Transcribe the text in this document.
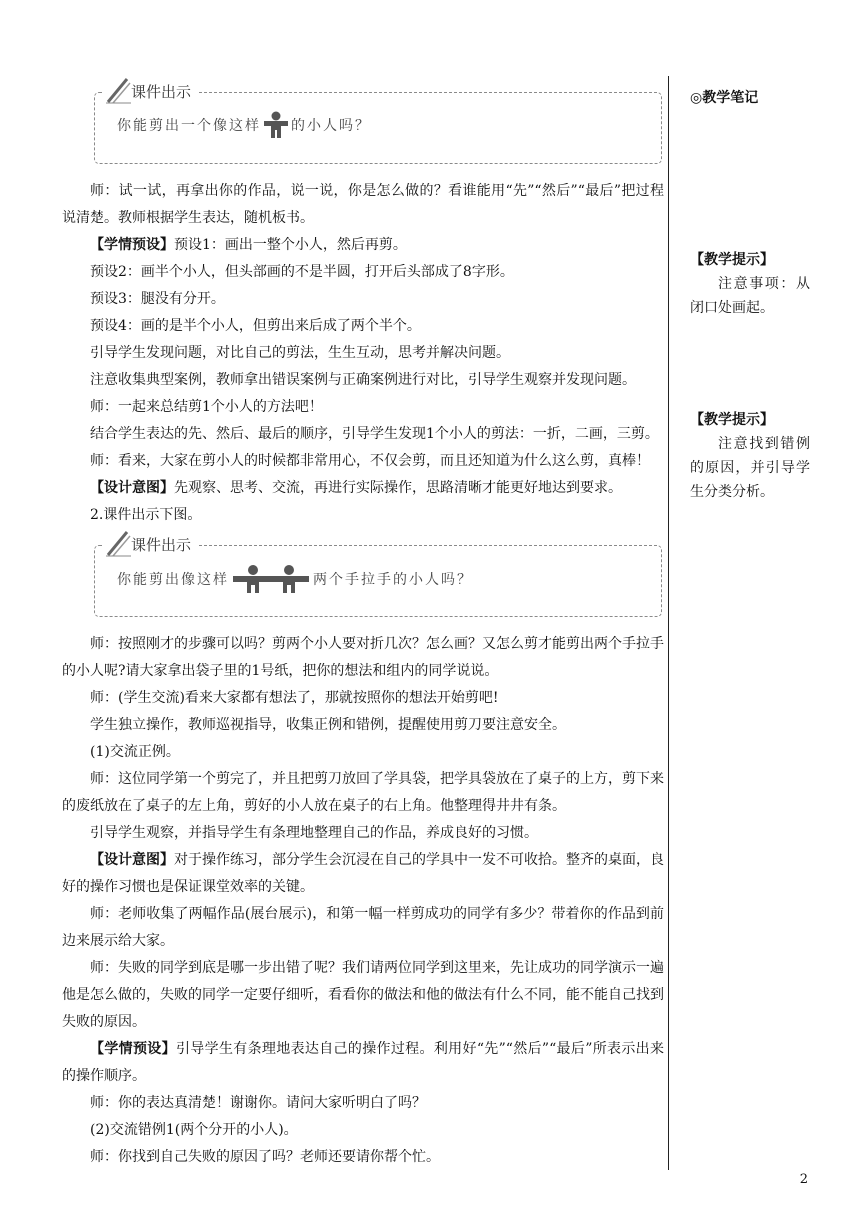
课件出示
你能剪出一个像这样 的小人吗？

师：试一试，再拿出你的作品，说一说，你是怎么做的？看谁能用“先”“然后”“最后”把过程说清楚。教师根据学生表达，随机板书。

【学情预设】预设1：画出一整个小人，然后再剪。

预设2：画半个小人，但头部画的不是半圆，打开后头部成了8字形。

预设3：腿没有分开。

预设4：画的是半个小人，但剪出来后成了两个半个。

引导学生发现问题，对比自己的剪法，生生互动，思考并解决问题。

注意收集典型案例，教师拿出错误案例与正确案例进行对比，引导学生观察并发现问题。

师：一起来总结剪1个小人的方法吧！

结合学生表达的先、然后、最后的顺序，引导学生发现1个小人的剪法：一折，二画，三剪。

师：看来，大家在剪小人的时候都非常用心，不仅会剪，而且还知道为什么这么剪，真棒！

【设计意图】先观察、思考、交流，再进行实际操作，思路清晰才能更好地达到要求。

2.课件出示下图。

课件出示
你能剪出像这样	两个手拉手的小人吗？

师：按照刚才的步骤可以吗？剪两个小人要对折几次？怎么画？又怎么剪才能剪出两个手拉手的小人呢?请大家拿出袋子里的1号纸，把你的想法和组内的同学说说。

师：(学生交流)看来大家都有想法了，那就按照你的想法开始剪吧!

学生独立操作，教师巡视指导，收集正例和错例，提醒使用剪刀要注意安全。

(1)交流正例。

师：这位同学第一个剪完了，并且把剪刀放回了学具袋，把学具袋放在了桌子的上方，剪下来的废纸放在了桌子的左上角，剪好的小人放在桌子的右上角。他整理得井井有条。

引导学生观察，并指导学生有条理地整理自己的作品，养成良好的习惯。

【设计意图】对于操作练习，部分学生会沉浸在自己的学具中一发不可收拾。整齐的桌面，良好的操作习惯也是保证课堂效率的关键。

师：老师收集了两幅作品(展台展示)，和第一幅一样剪成功的同学有多少？带着你的作品到前边来展示给大家。

师：失败的同学到底是哪一步出错了呢？我们请两位同学到这里来，先让成功的同学演示一遍他是怎么做的，失败的同学一定要仔细听，看看你的做法和他的做法有什么不同，能不能自己找到失败的原因。

【学情预设】引导学生有条理地表达自己的操作过程。利用好“先”“然后”“最后”所表示出来的操作顺序。

师：你的表达真清楚！谢谢你。请问大家听明白了吗？

(2)交流错例1(两个分开的小人)。

师：你找到自己失败的原因了吗？老师还要请你帮个忙。

◎教学笔记
【教学提示】
注意事项：从闭口处画起。
【教学提示】
注意找到错例的原因，并引导学生分类分析。
2
